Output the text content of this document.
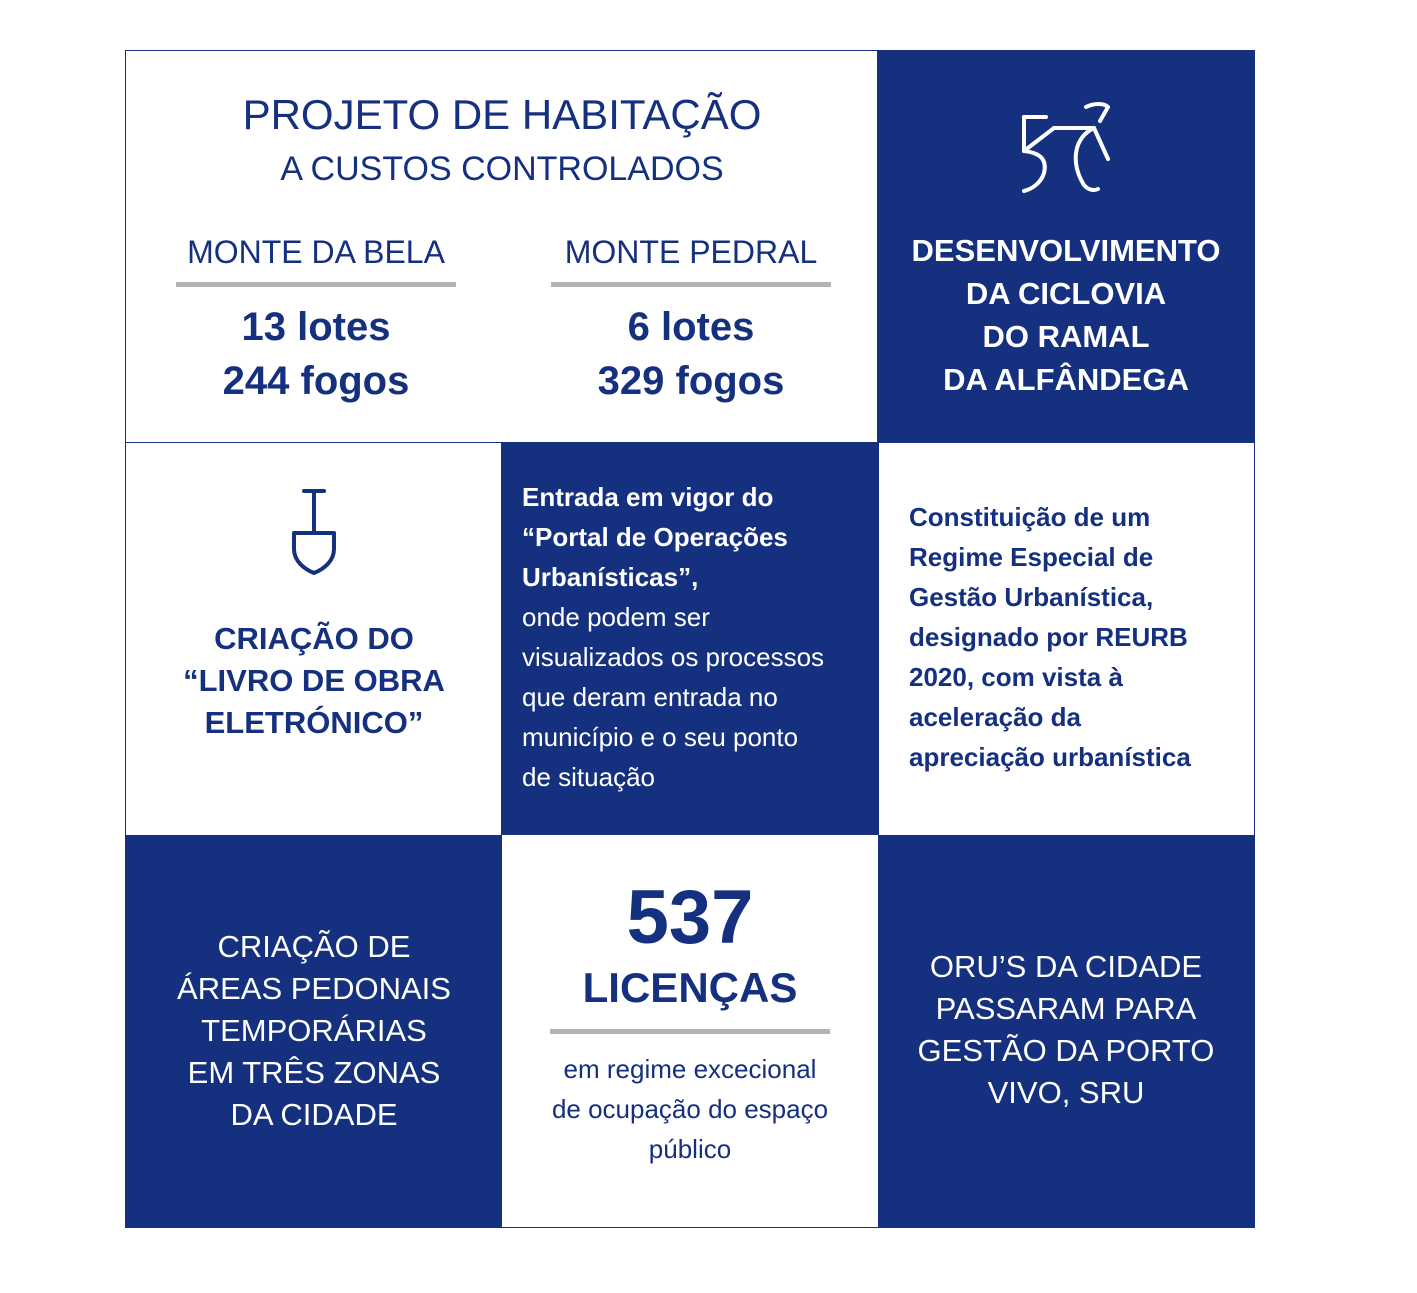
PROJETO DE HABITAÇÃO
A CUSTOS CONTROLADOS
MONTE DA BELA
13 lotes
244 fogos
MONTE PEDRAL
6 lotes
329 fogos
DESENVOLVIMENTO
DA CICLOVIA
DO RAMAL
DA ALFÂNDEGA
CRIAÇÃO DO
“LIVRO DE OBRA
ELETRÓNICO”
Entrada em vigor do
“Portal de Operações
Urbanísticas”,
onde podem ser
visualizados os processos
que deram entrada no
município e o seu ponto
de situação
Constituição de um
Regime Especial de
Gestão Urbanística,
designado por REURB
2020, com vista à
aceleração da
apreciação urbanística
CRIAÇÃO DE
ÁREAS PEDONAIS
TEMPORÁRIAS
EM TRÊS ZONAS
DA CIDADE
537
LICENÇAS
em regime excecional
de ocupação do espaço
público
ORU’S DA CIDADE
PASSARAM PARA
GESTÃO DA PORTO
VIVO, SRU
